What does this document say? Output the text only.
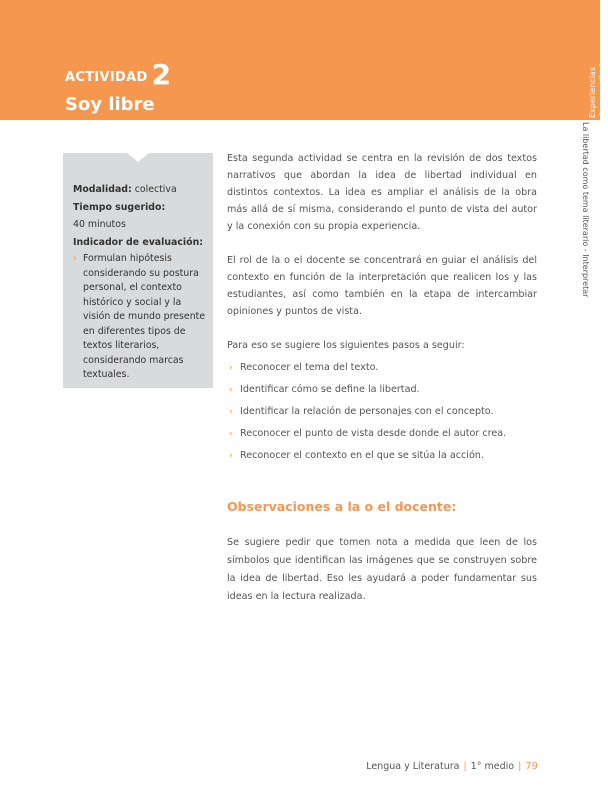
ACTIVIDAD 2
Soy libre	Experiencias de aprendizaje
La libertad como tema literario - Interpretar
Modalidad: colectiva
Tiempo sugerido:
40 minutos
Indicador de evaluación:
› Formulan hipótesis considerando su postura personal, el contexto histórico y social y la visión de mundo presente en diferentes tipos de textos literarios, considerando marcas textuales.

Esta segunda actividad se centra en la revisión de dos textos narrativos que abordan la idea de libertad individual en distintos contextos. La idea es ampliar el análisis de la obra más allá de sí misma, considerando el punto de vista del autor y la conexión con su propia experiencia.

El rol de la o el docente se concentrará en guiar el análisis del contexto en función de la interpretación que realicen los y las estudiantes, así como también en la etapa de intercambiar opiniones y puntos de vista.

Para eso se sugiere los siguientes pasos a seguir:

› Reconocer el tema del texto.
› Identificar cómo se define la libertad.
› Identificar la relación de personajes con el concepto.
› Reconocer el punto de vista desde donde el autor crea.
› Reconocer el contexto en el que se sitúa la acción.
Observaciones a la o el docente:

Se sugiere pedir que tomen nota a medida que leen de los símbolos que identifican las imágenes que se construyen sobre la idea de libertad. Eso les ayudará a poder fundamentar sus ideas en la lectura realizada.

Lengua y Literatura | 1° medio | 79
